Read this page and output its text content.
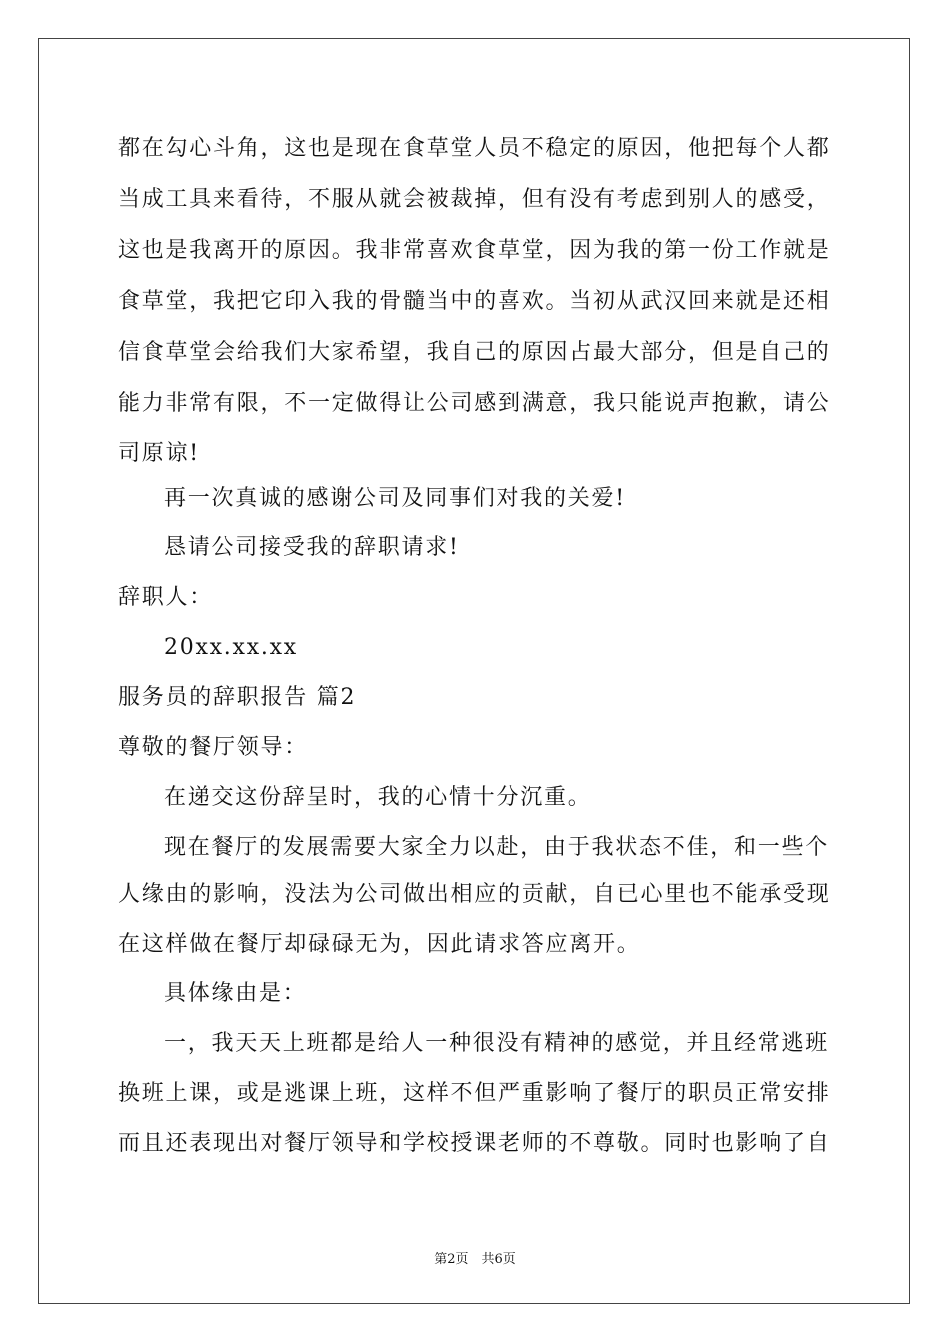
都在勾心斗角，这也是现在食草堂人员不稳定的原因，他把每个人都
当成工具来看待，不服从就会被裁掉，但有没有考虑到别人的感受，
这也是我离开的原因。我非常喜欢食草堂，因为我的第一份工作就是
食草堂，我把它印入我的骨髓当中的喜欢。当初从武汉回来就是还相
信食草堂会给我们大家希望，我自己的原因占最大部分，但是自己的
能力非常有限，不一定做得让公司感到满意，我只能说声抱歉，请公
司原谅!
再一次真诚的感谢公司及同事们对我的关爱!
恳请公司接受我的辞职请求!
辞职人：
20xx.xx.xx
服务员的辞职报告 篇2
尊敬的餐厅领导：
在递交这份辞呈时，我的心情十分沉重。
现在餐厅的发展需要大家全力以赴，由于我状态不佳，和一些个
人缘由的影响，没法为公司做出相应的贡献，自已心里也不能承受现
在这样做在餐厅却碌碌无为，因此请求答应离开。
具体缘由是：
一，我天天上班都是给人一种很没有精神的感觉，并且经常逃班
换班上课，或是逃课上班，这样不但严重影响了餐厅的职员正常安排
而且还表现出对餐厅领导和学校授课老师的不尊敬。同时也影响了自
第2页　共6页
